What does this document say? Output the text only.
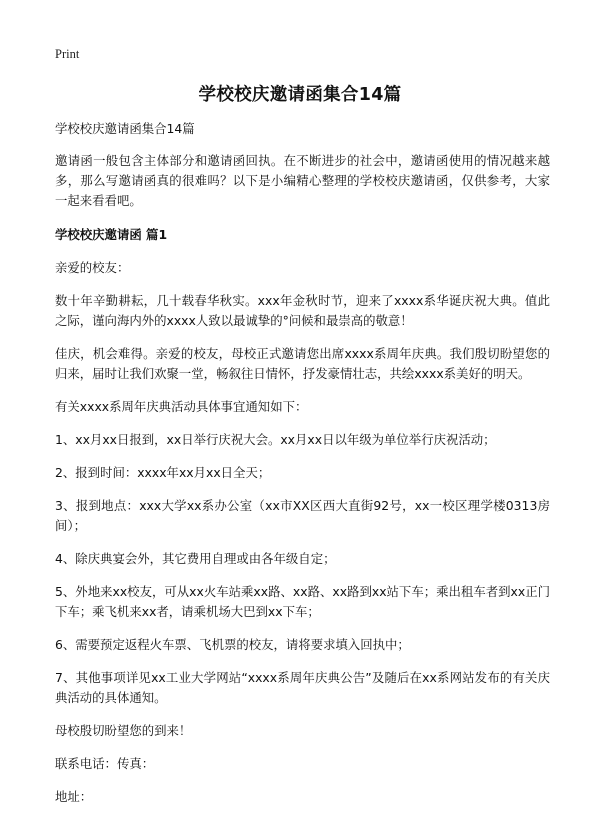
Print
学校校庆邀请函集合14篇

学校校庆邀请函集合14篇

邀请函一般包含主体部分和邀请函回执。在不断进步的社会中，邀请函使用的情况越来越多，那么写邀请函真的很难吗？以下是小编精心整理的学校校庆邀请函，仅供参考，大家一起来看看吧。

学校校庆邀请函 篇1

亲爱的校友：

数十年辛勤耕耘，几十载春华秋实。xxx年金秋时节，迎来了xxxx系华诞庆祝大典。值此之际，谨向海内外的xxxx人致以最诚挚的°问候和最崇高的敬意！

佳庆，机会难得。亲爱的校友，母校正式邀请您出席xxxx系周年庆典。我们殷切盼望您的归来，届时让我们欢聚一堂，畅叙往日情怀，抒发豪情壮志，共绘xxxx系美好的明天。

有关xxxx系周年庆典活动具体事宜通知如下：

1、xx月xx日报到，xx日举行庆祝大会。xx月xx日以年级为单位举行庆祝活动；

2、报到时间：xxxx年xx月xx日全天；

3、报到地点：xxx大学xx系办公室（xx市XX区西大直街92号，xx一校区理学楼0313房间）；

4、除庆典宴会外，其它费用自理或由各年级自定；

5、外地来xx校友，可从xx火车站乘xx路、xx路、xx路到xx站下车；乘出租车者到xx正门下车；乘飞机来xx者，请乘机场大巴到xx下车；

6、需要预定返程火车票、飞机票的校友，请将要求填入回执中；

7、其他事项详见xx工业大学网站“xxxx系周年庆典公告”及随后在xx系网站发布的有关庆典活动的具体通知。

母校殷切盼望您的到来！

联系电话：传真：

地址：
